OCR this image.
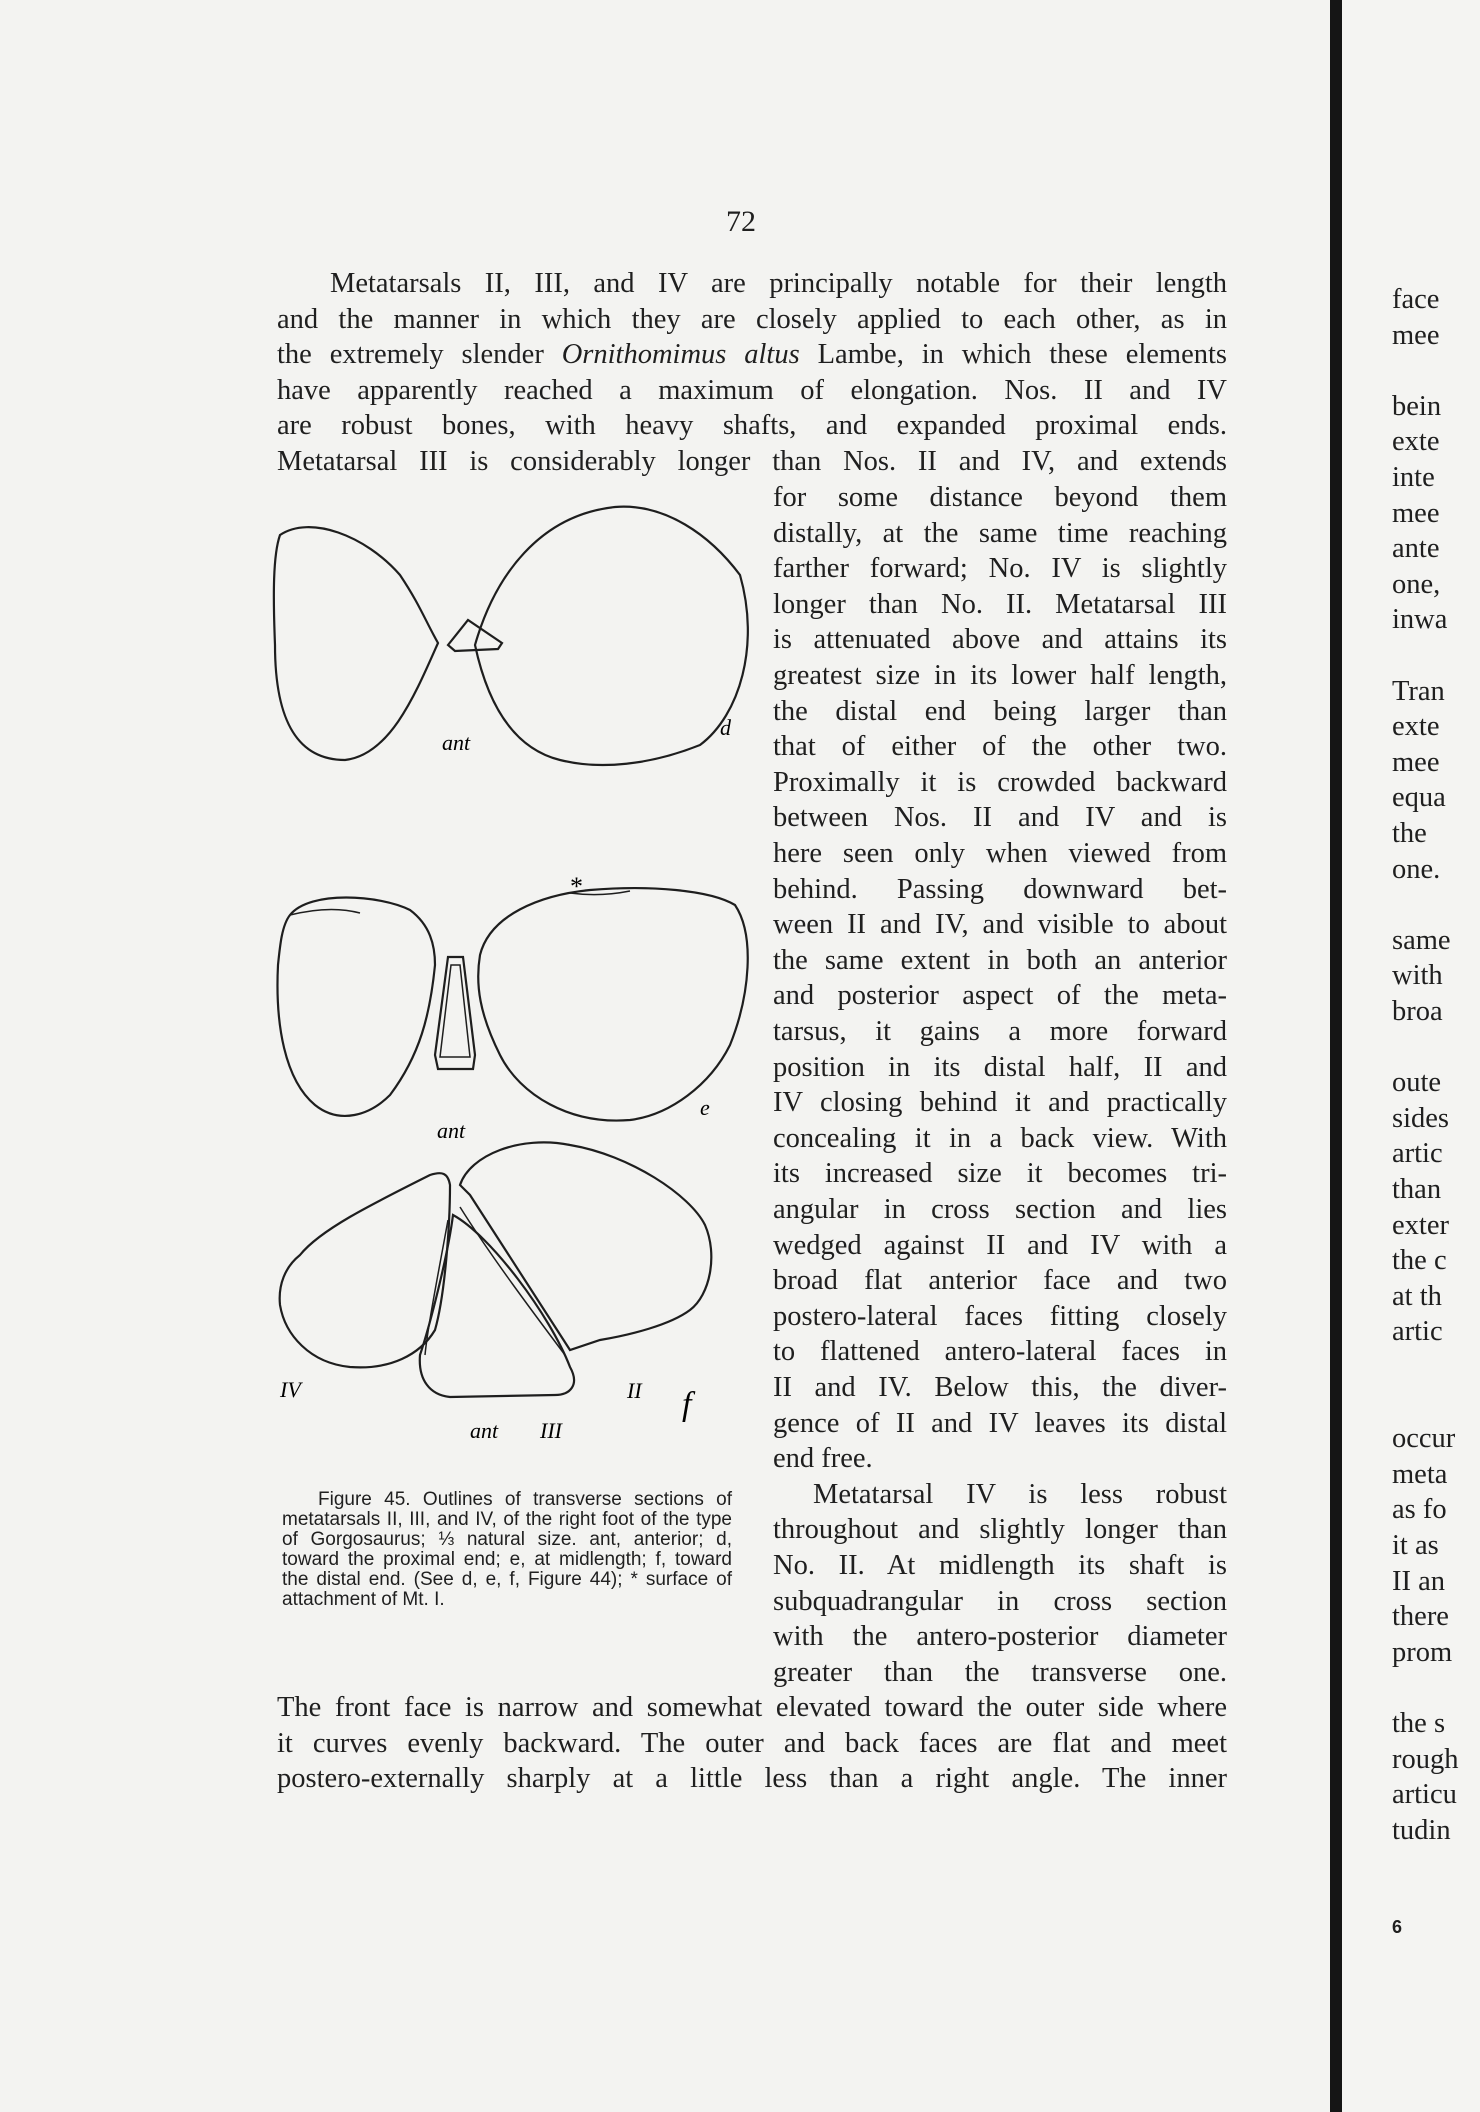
72
Metatarsals II, III, and IV are principally notable for their length
and the manner in which they are closely applied to each other, as in
the extremely slender Ornithomimus altus Lambe, in which these elements
have apparently reached a maximum of elongation. Nos. II and IV
are robust bones, with heavy shafts, and expanded proximal ends.
Metatarsal III is considerably longer than Nos. II and IV, and extends
for some distance beyond them
distally, at the same time reaching
farther forward; No. IV is slightly
longer than No. II. Metatarsal III
is attenuated above and attains its
greatest size in its lower half length,
the distal end being larger than
that of either of the other two.
Proximally it is crowded backward
between Nos. II and IV and is
here seen only when viewed from
behind. Passing downward bet-
ween II and IV, and visible to about
the same extent in both an anterior
and posterior aspect of the meta-
tarsus, it gains a more forward
position in its distal half, II and
IV closing behind it and practically
concealing it in a back view. With
its increased size it becomes tri-
angular in cross section and lies
wedged against II and IV with a
broad flat anterior face and two
postero-lateral faces fitting closely
to flattened antero-lateral faces in
II and IV. Below this, the diver-
gence of II and IV leaves its distal
end free.
Metatarsal IV is less robust
throughout and slightly longer than
No. II. At midlength its shaft is
subquadrangular in cross section
with the antero-posterior diameter
greater than the transverse one.
The front face is narrow and somewhat elevated toward the outer side where
it curves evenly backward. The outer and back faces are flat and meet
postero-externally sharply at a little less than a right angle. The inner
ant
d
*
ant
e
IV
ant III
II f

Figure 45. Outlines of transverse sections of metatarsals II, III, and IV, of the right foot of the type of Gorgosaurus; ⅓ natural size. ant, anterior; d, toward the proximal end; e, at midlength; f, toward the distal end. (See d, e, f, Figure 44); * surface of attachment of Mt. I.

face
mee
bein
exte
inte
mee
ante
one,
inwa
Tran
exte
mee
equa
the
one.
same
with
broa
oute
sides
artic
than
exter
the c
at th
artic
occur
meta
as fo
it as
II an
there
prom
the s
rough
articu
tudin
6
